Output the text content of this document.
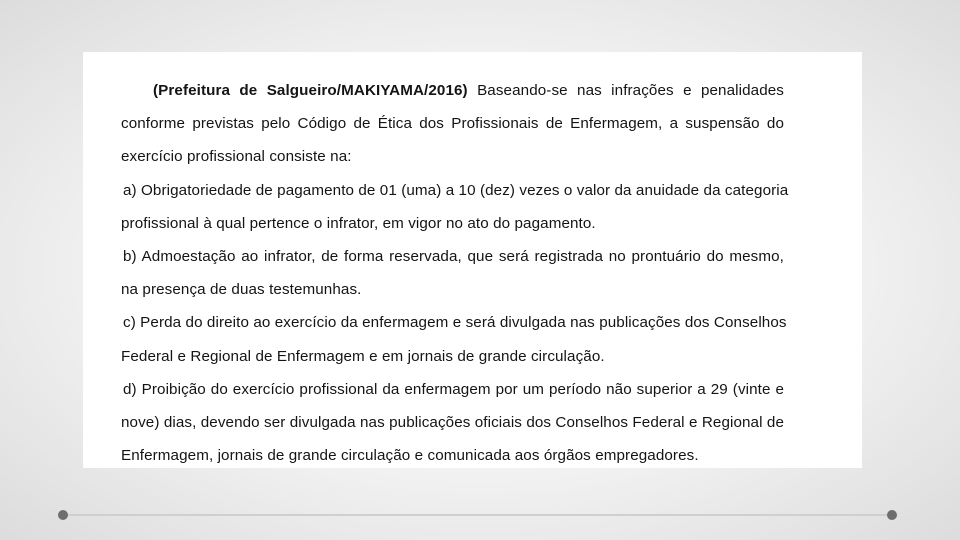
(Prefeitura de Salgueiro/MAKIYAMA/2016) Baseando-se nas infrações e penalidades
conforme previstas pelo Código de Ética dos Profissionais de Enfermagem, a suspensão do
exercício profissional consiste na:
a) Obrigatoriedade de pagamento de 01 (uma) a 10 (dez) vezes o valor da anuidade da categoria
profissional à qual pertence o infrator, em vigor no ato do pagamento.
b) Admoestação ao infrator, de forma reservada, que será registrada no prontuário do mesmo,
na presença de duas testemunhas.
c) Perda do direito ao exercício da enfermagem e será divulgada nas publicações dos Conselhos
Federal e Regional de Enfermagem e em jornais de grande circulação.
d) Proibição do exercício profissional da enfermagem por um período não superior a 29 (vinte e
nove) dias, devendo ser divulgada nas publicações oficiais dos Conselhos Federal e Regional de
Enfermagem, jornais de grande circulação e comunicada aos órgãos empregadores.
